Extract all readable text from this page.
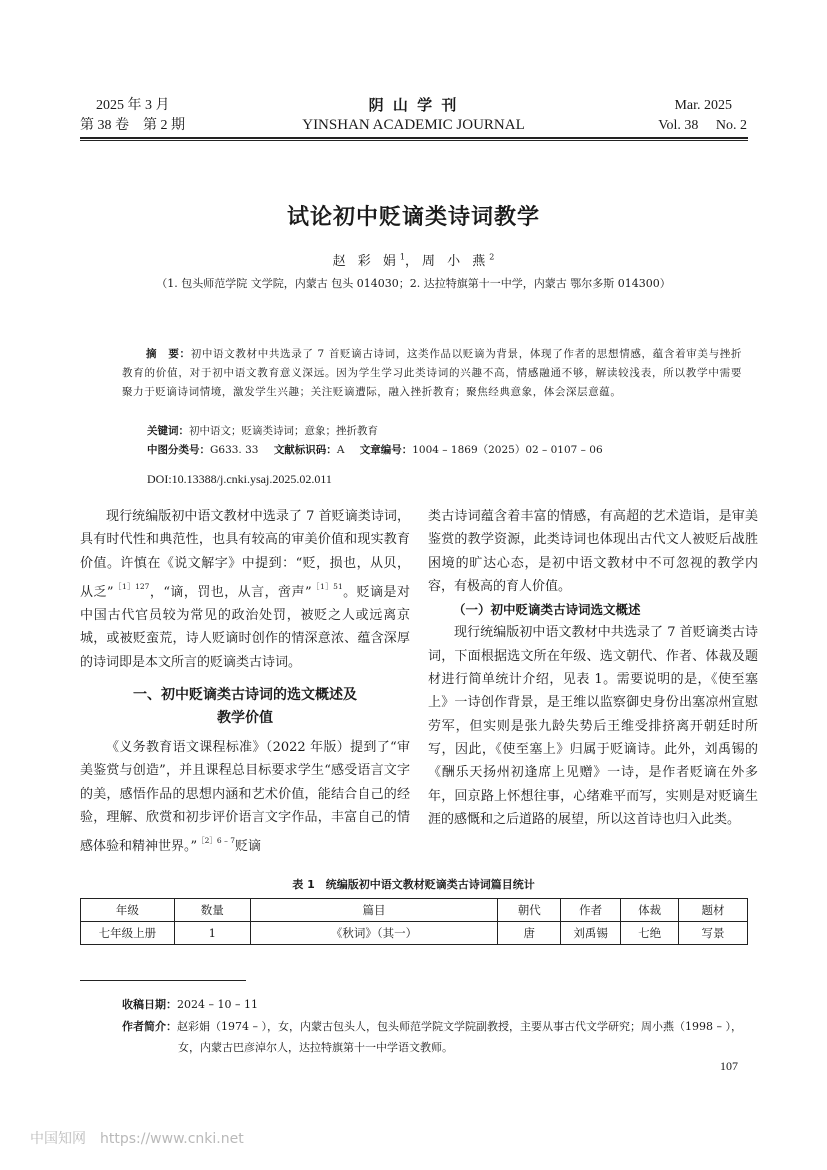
2025 年 3 月
第 38 卷　第 2 期
阴 山 学 刊
YINSHAN ACADEMIC JOURNAL
Mar. 2025
Vol. 38　 No. 2
试论初中贬谪类诗词教学
赵 彩 娟$^1$，周 小 燕$^2$
（1. 包头师范学院 文学院，内蒙古 包头 014030；2. 达拉特旗第十一中学，内蒙古 鄂尔多斯 014300）
摘　要：初中语文教材中共选录了 7 首贬谪古诗词，这类作品以贬谪为背景，体现了作者的思想情感，蕴含着审美与挫折教育的价值，对于初中语文教育意义深远。因为学生学习此类诗词的兴趣不高，情感融通不够，解读较浅表，所以教学中需要聚力于贬谪诗词情境，激发学生兴趣；关注贬谪遭际，融入挫折教育；聚焦经典意象，体会深层意蕴。
关键词：初中语文；贬谪类诗词；意象；挫折教育
中图分类号：G633. 33 文献标识码：A 文章编号：1004 – 1869（2025）02 – 0107 – 06
DOI:10.13388/j.cnki.ysaj.2025.02.011

现行统编版初中语文教材中选录了 7 首贬谪类诗词，具有时代性和典范性，也具有较高的审美价值和现实教育价值。许慎在《说文解字》中提到：“贬，损也，从贝，从乏”$^{[1]127}$，“谪，罚也，从言，啻声”$^{[1]51}$。贬谪是对中国古代官员较为常见的政治处罚，被贬之人或远离京城，或被贬蛮荒，诗人贬谪时创作的情深意浓、蕴含深厚的诗词即是本文所言的贬谪类古诗词。

一、初中贬谪类古诗词的选文概述及
教学价值

《义务教育语文课程标准》（2022 年版）提到了“审美鉴赏与创造”，并且课程总目标要求学生“感受语言文字的美，感悟作品的思想内涵和艺术价值，能结合自己的经验，理解、欣赏和初步评价语言文字作品，丰富自己的情感体验和精神世界。”$^{[2]6 - 7}$贬谪

类古诗词蕴含着丰富的情感，有高超的艺术造诣，是审美鉴赏的教学资源，此类诗词也体现出古代文人被贬后战胜困境的旷达心态，是初中语文教材中不可忽视的教学内容，有极高的育人价值。

（一）初中贬谪类古诗词选文概述

现行统编版初中语文教材中共选录了 7 首贬谪类古诗词，下面根据选文所在年级、选文朝代、作者、体裁及题材进行简单统计介绍，见表 1。需要说明的是，《使至塞上》一诗创作背景，是王维以监察御史身份出塞凉州宣慰劳军，但实则是张九龄失势后王维受排挤离开朝廷时所写，因此，《使至塞上》归属于贬谪诗。此外，刘禹锡的《酬乐天扬州初逢席上见赠》一诗，是作者贬谪在外多年，回京路上怀想往事，心绪难平而写，实则是对贬谪生涯的感慨和之后道路的展望，所以这首诗也归入此类。

表 1　统编版初中语文教材贬谪类古诗词篇目统计
年级	数量	篇目	朝代	作者	体裁	题材
七年级上册	1	《秋词》（其一）	唐	刘禹锡	七绝	写景
收稿日期：2024 – 10 – 11
作者简介：赵彩娟（1974 – ），女，内蒙古包头人，包头师范学院文学院副教授，主要从事古代文学研究；周小燕（1998 – ），
女，内蒙古巴彦淖尔人，达拉特旗第十一中学语文教师。
107
中国知网　https://www.cnki.net
